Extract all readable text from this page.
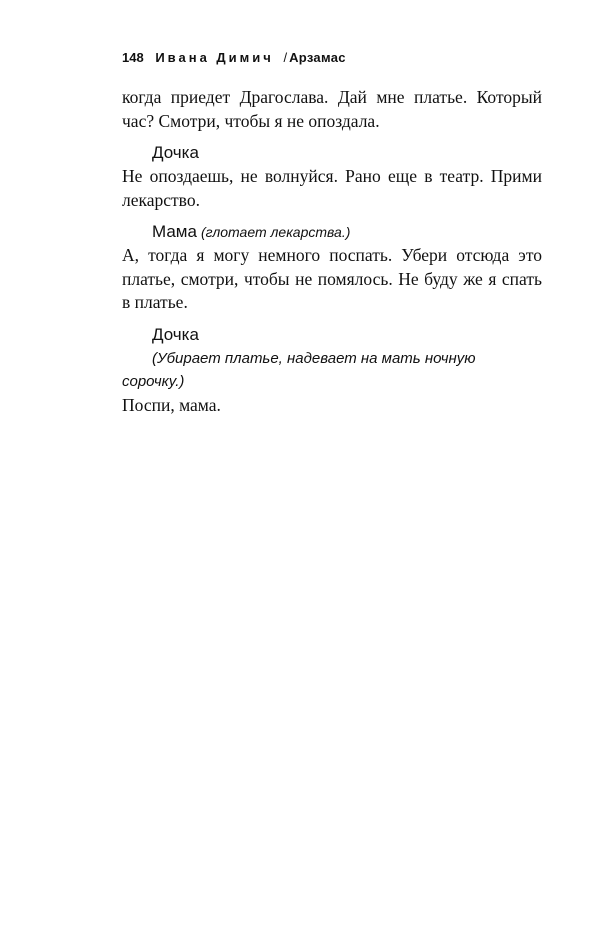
148 Ивана Димич / Арзамас

когда приедет Драгослава. Дай мне платье. Который час? Смотри, чтобы я не опоздала.

Дочка

Не опоздаешь, не волнуйся. Рано еще в театр. Прими лекарство.

Мама (глотает лекарства.)

А, тогда я могу немного поспать. Убери отсюда это платье, смотри, чтобы не помялось. Не буду же я спать в платье.

Дочка

(Убирает платье, надевает на мать ночную сорочку.)

Поспи, мама.
